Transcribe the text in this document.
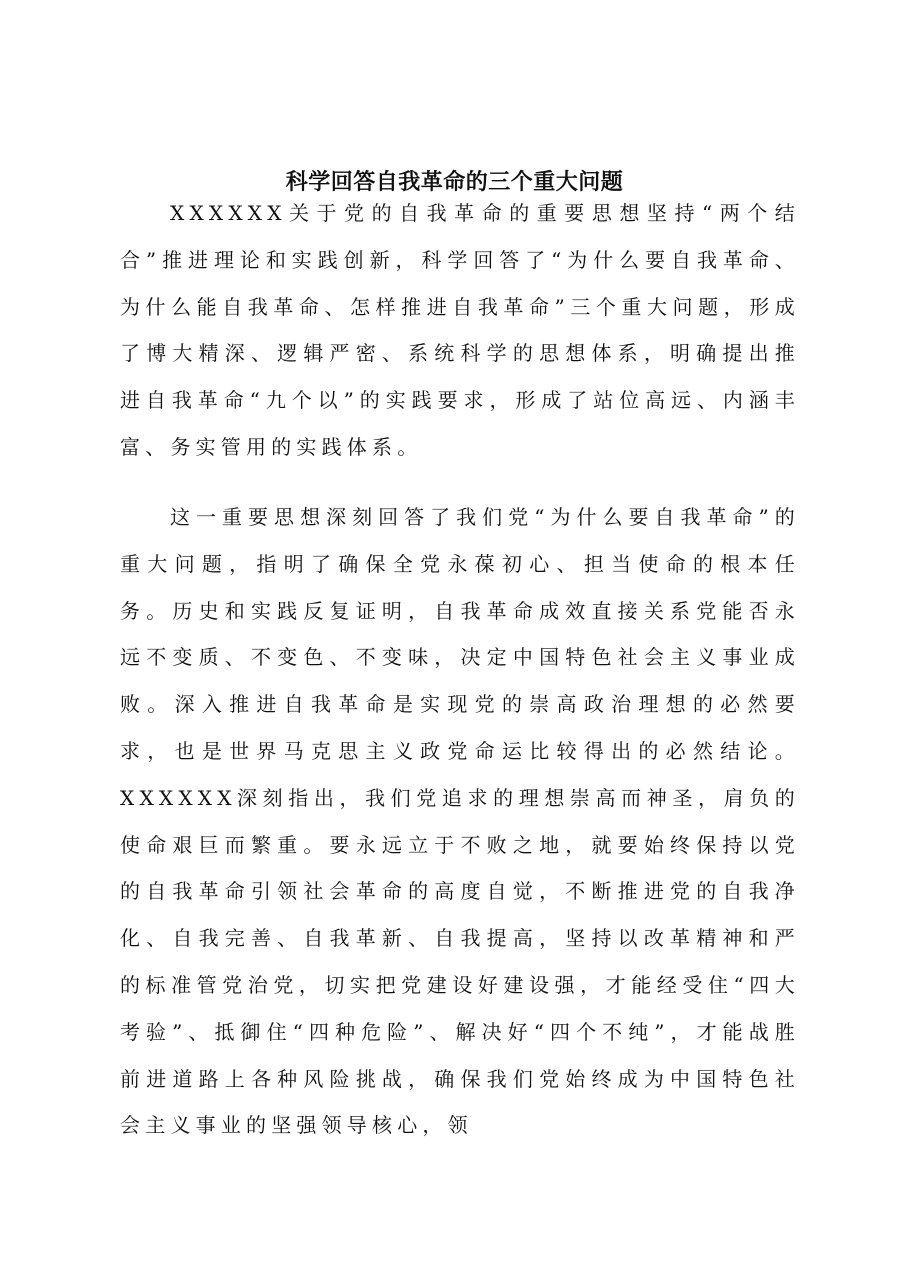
科学回答自我革命的三个重大问题

XXXXXX关于党的自我革命的重要思想坚持“两个结合”推进理论和实践创新，科学回答了“为什么要自我革命、为什么能自我革命、怎样推进自我革命”三个重大问题，形成了博大精深、逻辑严密、系统科学的思想体系，明确提出推进自我革命“九个以”的实践要求，形成了站位高远、内涵丰富、务实管用的实践体系。

这一重要思想深刻回答了我们党“为什么要自我革命”的重大问题，指明了确保全党永葆初心、担当使命的根本任务。历史和实践反复证明，自我革命成效直接关系党能否永远不变质、不变色、不变味，决定中国特色社会主义事业成败。深入推进自我革命是实现党的崇高政治理想的必然要求，也是世界马克思主义政党命运比较得出的必然结论。XXXXXX深刻指出，我们党追求的理想崇高而神圣，肩负的使命艰巨而繁重。要永远立于不败之地，就要始终保持以党的自我革命引领社会革命的高度自觉，不断推进党的自我净化、自我完善、自我革新、自我提高，坚持以改革精神和严的标准管党治党，切实把党建设好建设强，才能经受住“四大考验”、抵御住“四种危险”、解决好“四个不纯”，才能战胜前进道路上各种风险挑战，确保我们党始终成为中国特色社会主义事业的坚强领导核心，领
